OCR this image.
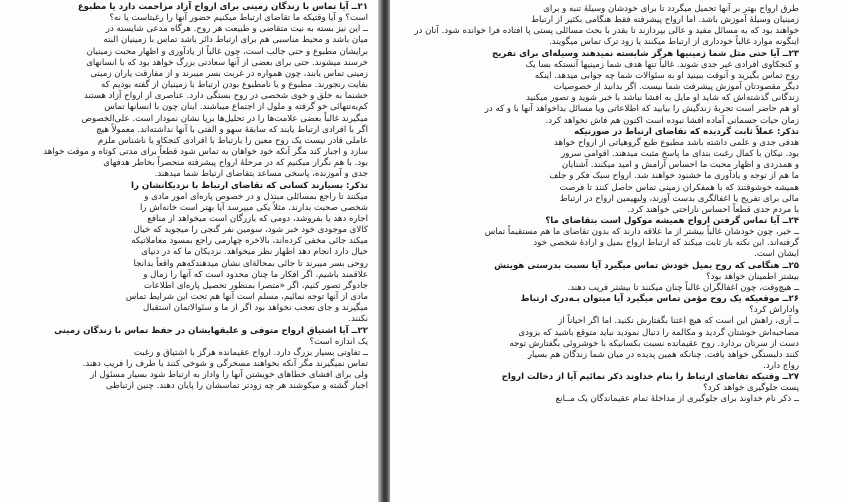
۲۱ــ آیا تماس با زندگان زمینی برای ارواح آزاد مزاحمت دارد یا مطبوع
است؟ و آیا وقتیکه ما تقاضای ارتباط میکنیم حضور آنها را رغبتاست یا نه؟
ــ این نیز بسته به نیت متقاضی و طبیعت هر روح. هرگاه مدعی شایسته در
میان باشد و محیط مناسبی هم برای ارتباط دائر باشد تماس با زمینیان البته
برایشان مطبوع و حتی جالب است، چون غالباً از یادآوری و اظهار محبت زمینیان
خرسند میشوند. حتی برای بعضی از آنها سعادتی بزرگ خواهد بود که با انسانهای
زمینی تماس یابند، چون همواره در غربت بسر میبرند و از مفارقت یاران زمینی
بفایت رنجورند. مطبوع و یا نامطبوع بودن ارتباط با زمینیان از گفته بودیم که
خشنما به خلق و خوی شخصی در روح بستگی دارد. عناصری از ارواح آزاد هستند
کم‌به‌تنهائی خو گرفته و ملول از اجتماع میباشند. اینان چون با انسانها تماس
میگیرند غالباً بعضی علامت‌ها را در تحلیل‌ها برپا نشان نمودار است. علی‌الخصوص
اگر با افرادی ارتباط یابند که سابقهٔ سهو و الفتی با آنها نداشته‌اند. معمولاً هیچ
عاملی قادر نیست یک روح معین را بارتباط با افرادی کنجکاو یا ناشناس ملزم
سازد و اجبار کند مگر آنکه خود خواهان به تماس شود قطعاً برای مدتی کوتاه و موقت خواهد
بود. با هم نگرار میکنیم که در مرحلهٔ ارواح پیشرفته منحصراً بخاطر هدفهای
جدی و آموزنده، پاسخی مساعد بتقاضای ارتباط شما میدهند.
تذکر: بسیارند کسانی که تقاضای ارتباط با نزدیکانشان را
میکنند تا راجع بمسائلی مبتذل و در خصوص پاره‌ای امور مادی و
شخصی صحبت بدارند. مثلاً یکی میپرسد آیا بهتر است خانه‌اش را
اجاره دهد یا بفروشد، دومی که بازرگان است میخواهد از منافع
کالای موجودی خود خبر شود، سومین نفر گنجی را میجوید که خیال
میکند جائی مخفی کرده‌اند، بالاخره چهارمی راجع بمسود معاملاتیکه
خیال دارد انجام دهد اظهار نظر میخواهد. نزدیکان ما که در دنیای
روحی بسر میبرند تا جائی بمحالة‌ای نشان میدهندکه‌هم واقعاً بدانجا
علاقمند باشیم. اگر افکار ما چنان محدود است که آنها را زمال و
جادوگر تصور کنیم، اگر «متصرا بمنظور تحصیل پاره‌ای اطلاعات
مادی از آنها توجه نمائیم، مسلم است آنها هم تحت این شرایط تماس
میگیرند و جای تعجب نخواهد بود اگر از ما و سئوالاتمان استقبال
نکنند.
۲۲ــ آیا اشتیاق ارواح متوفی و علیقهایشان در حفظ تماس با زندگان زمینی
یک اندازه است؟
ــ تفاوتی بسیار بزرگ دارد. ارواح عقیمانده هرگز با اشتیاق و رغبت
تماس نمیگیرند مگر آنکه بخواهند مسخرگی و شوخی کنند یا طرف را فریب دهند.
ولی برای افشای خطاهای خویشتن آنها را وادار به ارتباط شود بسیار مسئول از
اجبار گشته و میکوشند هر چه زودتر تماسشان را پایان دهند. چنین ارتباطی
طرق ارواح بهتر بر آنها تحمیل میگردد تا برای خودشان وسیلهٔ تنبه و برای
زمینیان وسیلهٔ آموزش باشد. اما ارواح پیشرفته فقط هنگامی بکثیر از ارتباط
خواهند بود که به مسائل مفید و عالی بپردازند تا بقدر با بحث مسائلی پستی پا افتاده فرا خوانده شود. آنان در
اینگونه موارد غالباً خودداری از ارتباط میکنند یا زود ترک تماس میگویند.
۲۳ــ آیا حتی مثل شما زمینیها هرگز شایسته نمیدهند وسیله‌ای برای تفریح
و کنجکاوی افرادی غیر جدی شوند. غالباً تنها هدف شما زمینیها آنستکه بسا یک
روح تماس بگیرید و آنوقت ببینید او به سئوالات شما چه جوابی میدهد. اینکه
دیگر مقصودتان آموزش پیشرفت شما نیست. اگر بدانید از خصوصیات
زندگانی گذشته‌اش که شاید او مایل به افشا نباشد با خبر شوید و تصور میکنید
او هم حاضر است تجربهٔ زندگیش را بیابید که اطلاعاتی ویا مسائل بداخواهد آنها با و که در
زمان حیات جسمانی آماده افشا نبوده است اکنون هم فاش نخواهد کرد.
تذکر: عملاً ثابت گردیده که تقاضای ارتباط در صورتیکه
هدفی جدی و علمی داشته باشد مطبوع طبع گروهیاتی از ارواح خواهد
بود. نیکان با کمال رغبت بندای ما پاسخ مثبت میدهند. اقوامی سرور
و همدردی و اظهار محبت ما احساس آرامش و امید میکنند. آشنایان
ما هم از توجه و یادآوری ما خشنود خواهند شد. ارواح سبک فکر و جلف
همیشه خوشوقتند که با همفکران زمینی تماس حاصل کنند تا فرصت
مالی برای تفریح یا اغفالگری بدست آورند، ولیهیمین ارواح در ارتباط
با مردم جدی قطعاً احساس ناراحتی خواهند کرد.
۲۴ــ آیا تماس گرفتن ارواح همیشه موکول است بتقاضای ما؟
ــ خیر، چون خودشان غالباً بیشتر از ما علاقه دارند که بدون تقاضای ما هم مستقیماً تماس
گرفته‌اند. این نکته باز ثابت میکند که ارتباط ارواح بمیل و ارادهٔ شخصی خود
ایشان است.
۲۵ــ هنگامی که روح بمیل خودش تماس میگیرد آیا نسبت بدرستی هویتش
بیشتر اطمینان خواهد بود؟
ــ هیچ‌وقت، چون اغفالگران غالباً چنان میکنند تا بیشتر فریب دهند.
۲۶ــ موقعیکه یک روح مؤمن تماس میگیرد آیا میتوان بـه‌درک ارتباط
واداراش کرد؟
ــ آری، راهش این است که هیچ اعتنا بگفتارش نکنید. اما اگر احیاناً از
مصاحبه‌اش خوشتان گردید و مکالمه را دنبال نمودید نباید متوقع باشید که بزودی
دست از سرتان بردارد. روح عقیمانده نسبت بکسانیکه با خوشروئی بگفتارش توجه
کنند دلبستگی خواهد یافت. چنانکه همین پدیده در میان شما زندگان هم بسیار
رواج دارد.
۲۷ــ وقتیکه تقاضای ارتباط را بنام خداوند ذکر نمائیم آیا از دخالت ارواح
پست جلوگیری خواهد کرد؟
ــ ذکر نام خداوند برای جلوگیری از مداخلهٔ تمام عقیماندگان یک مــانع
